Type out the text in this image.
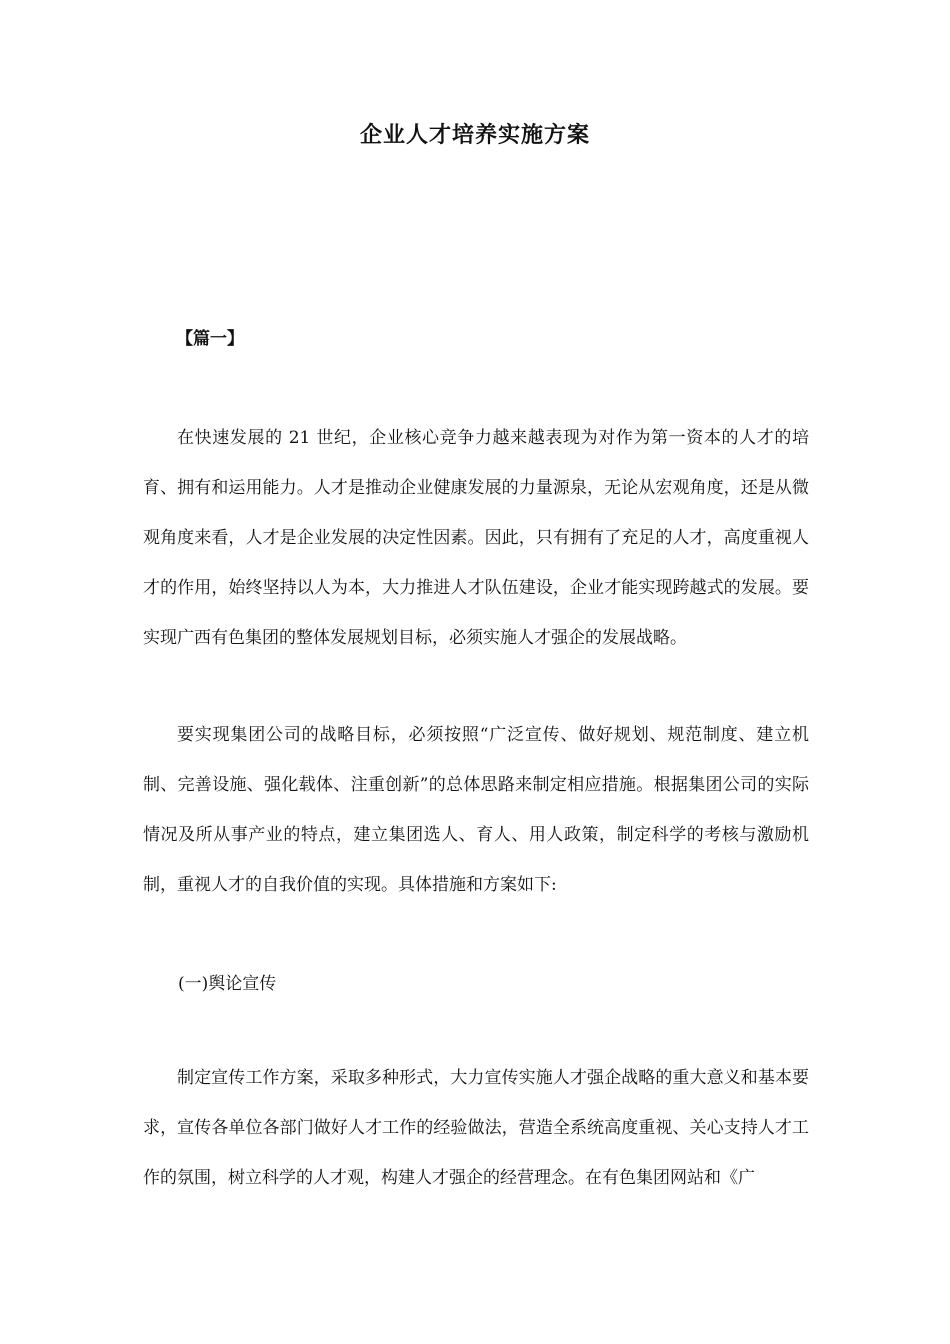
企业人才培养实施方案
【篇一】

在快速发展的 21 世纪，企业核心竞争力越来越表现为对作为第一资本的人才的培育、拥有和运用能力。人才是推动企业健康发展的力量源泉，无论从宏观角度，还是从微观角度来看，人才是企业发展的决定性因素。因此，只有拥有了充足的人才，高度重视人才的作用，始终坚持以人为本，大力推进人才队伍建设，企业才能实现跨越式的发展。要实现广西有色集团的整体发展规划目标，必须实施人才强企的发展战略。

要实现集团公司的战略目标，必须按照“广泛宣传、做好规划、规范制度、建立机制、完善设施、强化载体、注重创新”的总体思路来制定相应措施。根据集团公司的实际情况及所从事产业的特点，建立集团选人、育人、用人政策，制定科学的考核与激励机制，重视人才的自我价值的实现。具体措施和方案如下:

(一)舆论宣传

制定宣传工作方案，采取多种形式，大力宣传实施人才强企战略的重大意义和基本要求，宣传各单位各部门做好人才工作的经验做法，营造全系统高度重视、关心支持人才工作的氛围，树立科学的人才观，构建人才强企的经营理念。在有色集团网站和《广
